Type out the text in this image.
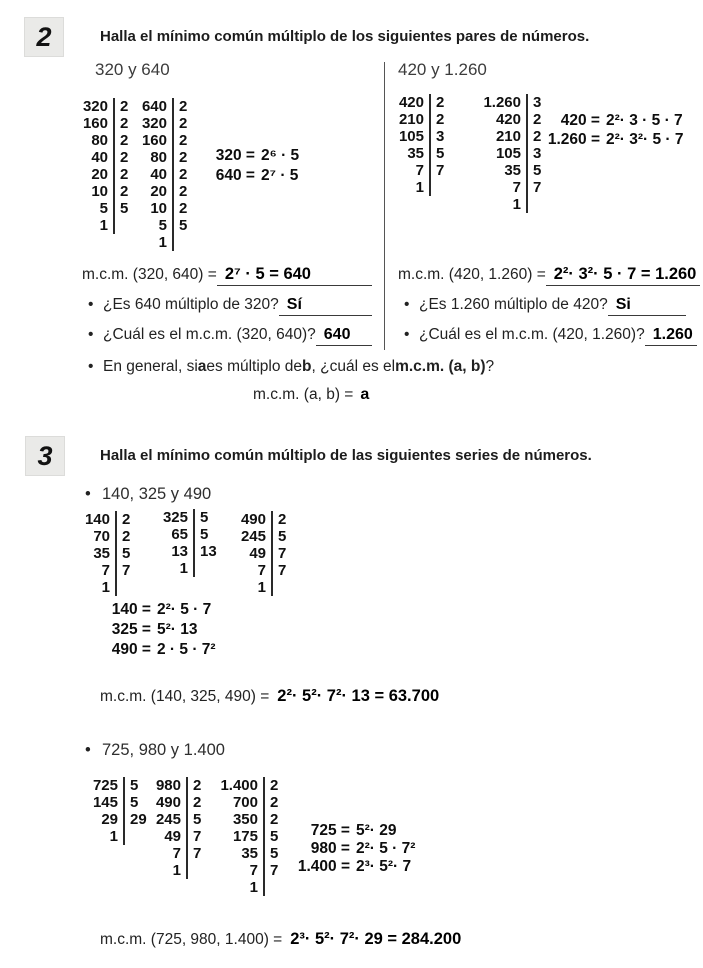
2	Halla el mínimo común múltiplo de los siguientes pares de números.
320 y 640	420 y 1.260
320 2
160 2
80 2
40 2
20 2
10 2
5 5
1
640 2
320 2
160 2
80 2
40 2
20 2
10 2
5 5
1
320 = 2⁶ · 5
640 = 2⁷ · 5
420 2
210 2
105 3
35 5
7 7
1
1.260 3
420 2
210 2
105 3
35 5
7 7
1
420 = 2²· 3 · 5 · 7
1.260 = 2²· 3²· 5 · 7
m.c.m. (320, 640) = 2⁷ · 5 = 640	m.c.m. (420, 1.260) = 2²· 3²· 5 · 7 = 1.260
•
¿Es 640 múltiplo de 320? Sí
•
¿Cuál es el m.c.m. (320, 640)? 640
•
¿Es 1.260 múltiplo de 420? Si
•
¿Cuál es el m.c.m. (420, 1.260)? 1.260
•
En general, si a es múltiplo de b , ¿cuál es el m.c.m. (a, b) ?
m.c.m. (a, b) = a
3	Halla el mínimo común múltiplo de las siguientes series de números.
•
140, 325 y 490
140 2
70 2
35 5
7 7
1
325 5
65 5
13 13
1
490 2
245 5
49 7
7 7
1
140 = 2²· 5 · 7
325 = 5²· 13
490 = 2 · 5 · 7²
m.c.m. (140, 325, 490) = 2²· 5²· 7²· 13 = 63.700
•
725, 980 y 1.400
725 5
145 5
29 29
1
980 2
490 2
245 5
49 7
7 7
1
1.400 2
700 2
350 2
175 5
35 5
7 7
1
725 = 5²· 29
980 = 2²· 5 · 7²
1.400 = 2³· 5²· 7
m.c.m. (725, 980, 1.400) = 2³· 5²· 7²· 29 = 284.200
